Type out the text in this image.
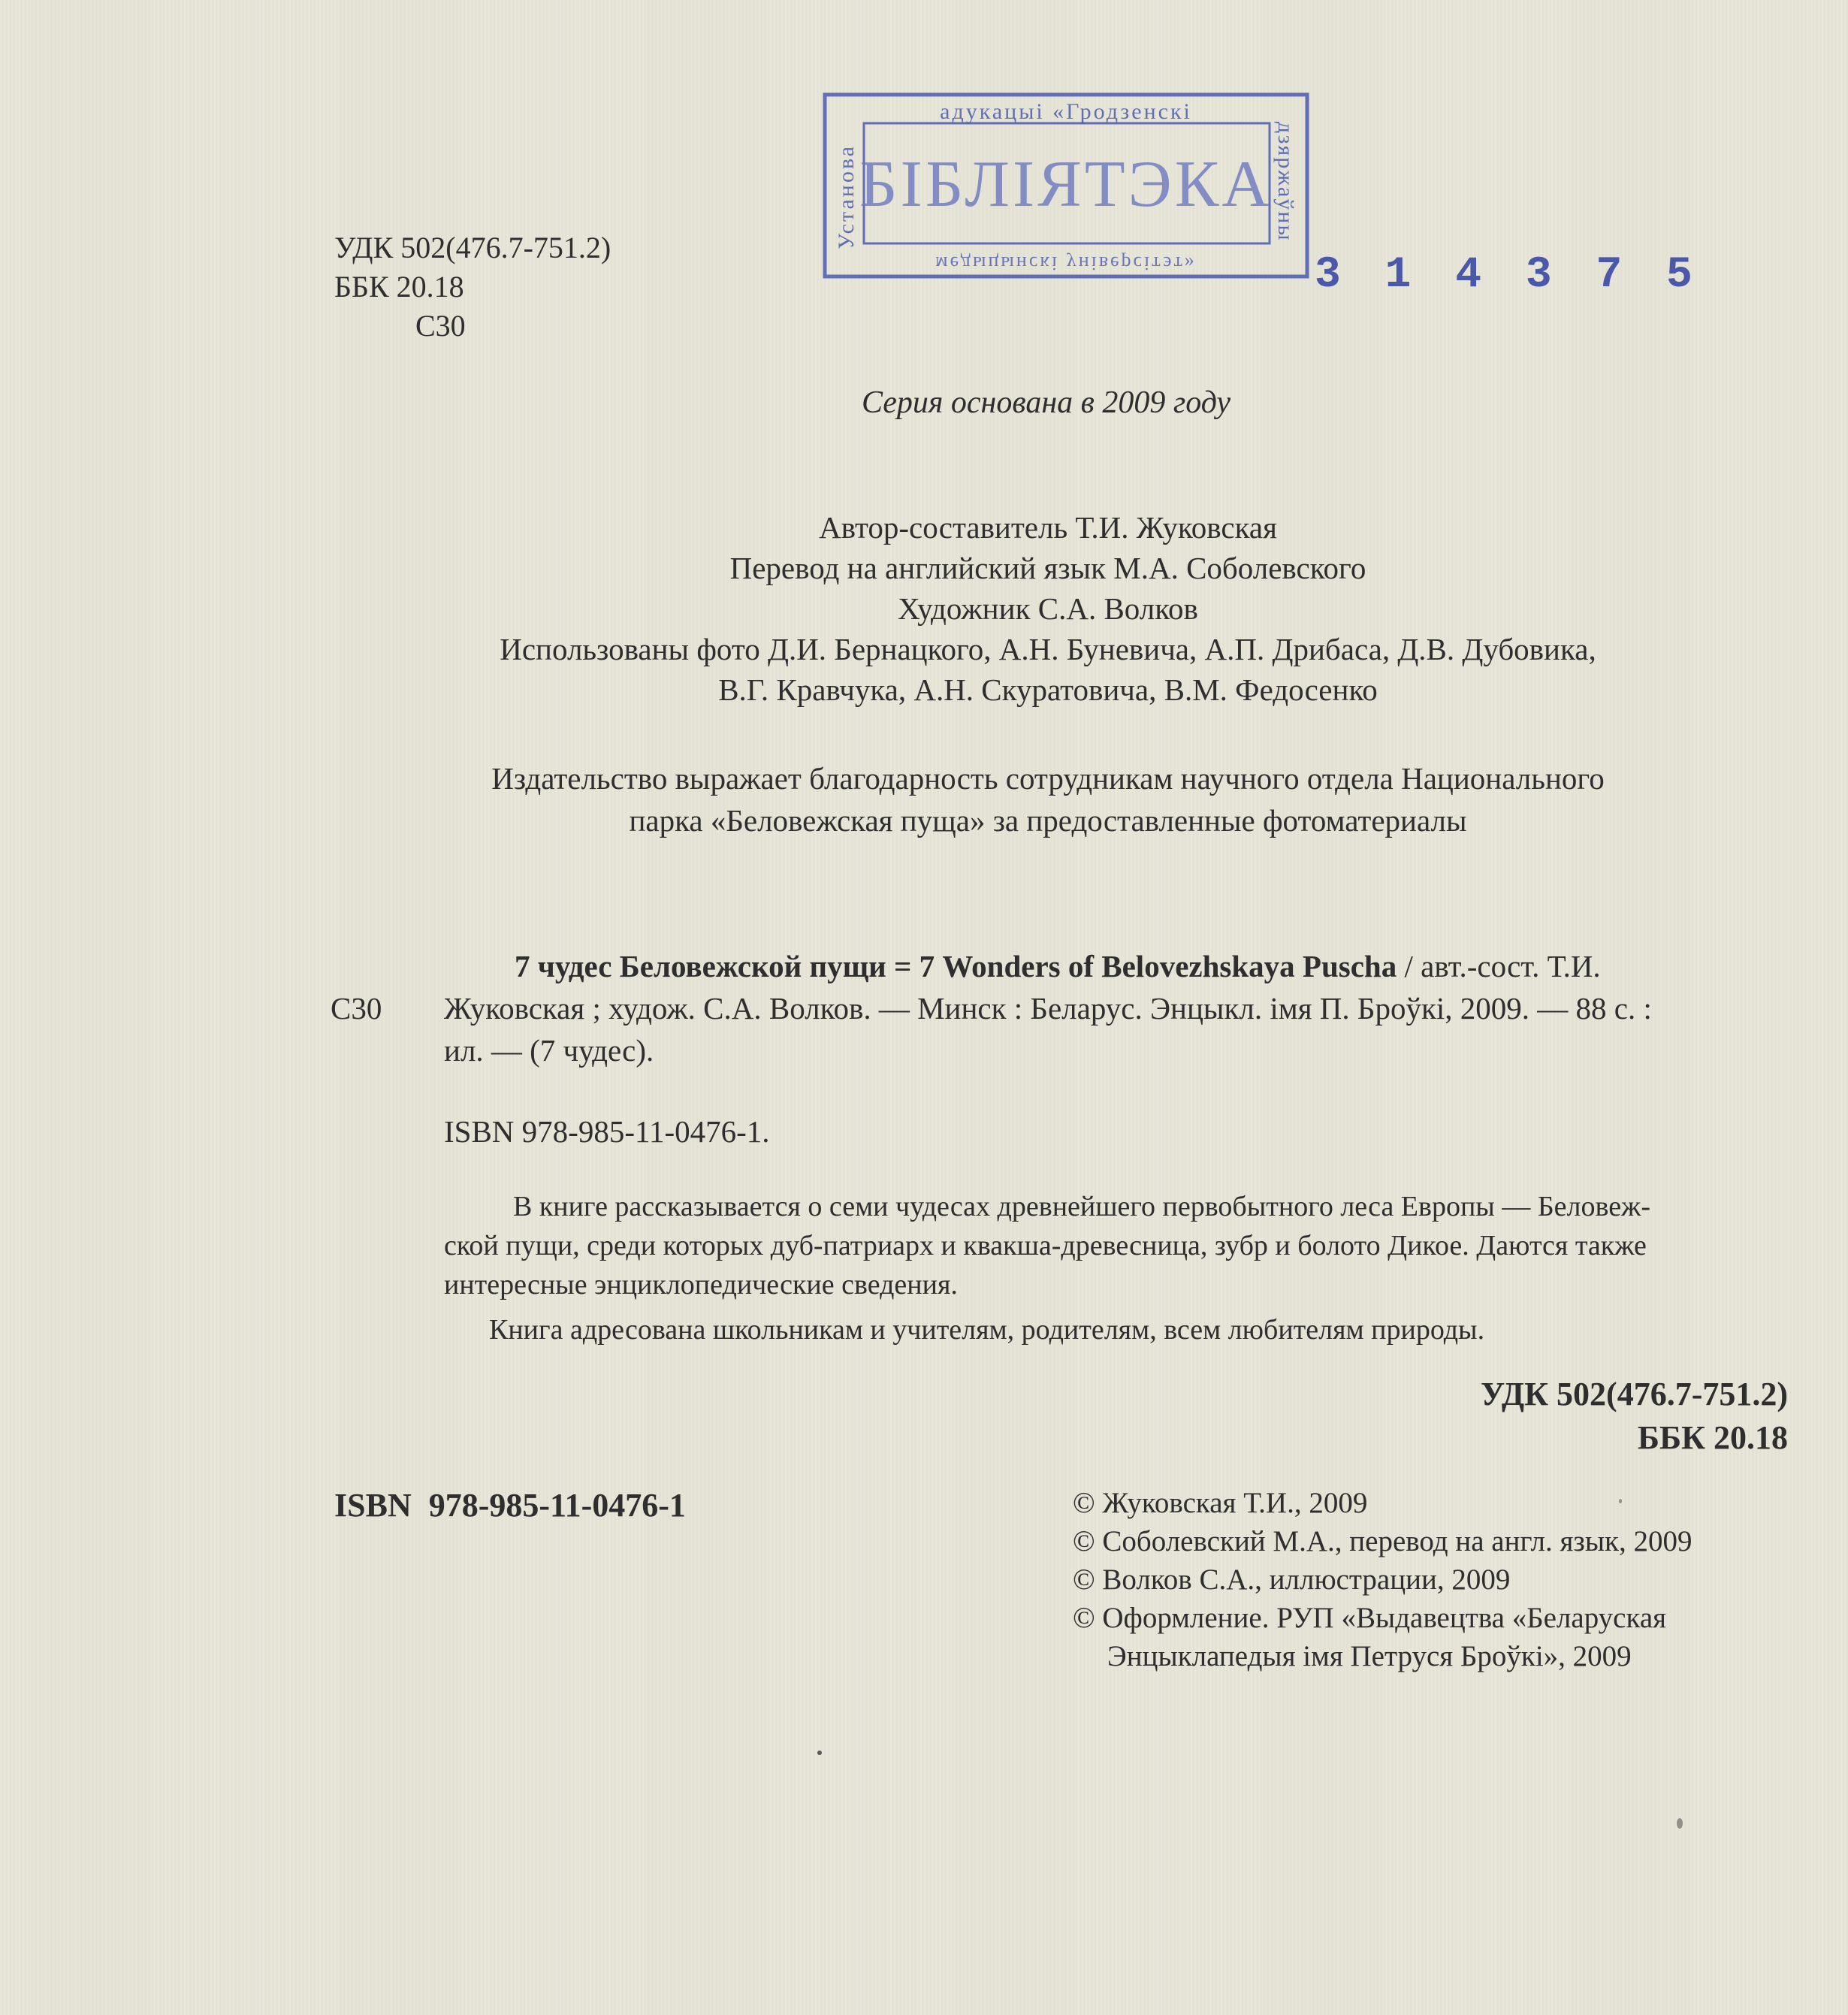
УДК 502(476.7-751.2)
ББК 20.18
С30
адукацыі «Гродзенскі
БІБЛІЯТЭКА
Установа
дзяржаўны
медыцынскі універсітэт»	3 1 4 3 7 5
Серия основана в 2009 году
Автор-составитель Т.И. Жуковская
Перевод на английский язык М.А. Соболевского
Художник С.А. Волков
Использованы фото Д.И. Бернацкого, А.Н. Буневича, А.П. Дрибаса, Д.В. Дубовика,
В.Г. Кравчука, А.Н. Скуратовича, В.М. Федосенко
Издательство выражает благодарность сотрудникам научного отдела Национального
парка «Беловежская пуща» за предоставленные фотоматериалы
С30
7 чудес Беловежской пущи = 7 Wonders of Belovezhskaya Puscha / авт.-сост. Т.И.
Жуковская ; худож. С.А. Волков. — Минск : Беларус. Энцыкл. імя П. Броўкі, 2009. — 88 с. :
ил. — (7 чудес).
ISBN 978-985-11-0476-1.
В книге рассказывается о семи чудесах древнейшего первобытного леса Европы — Беловеж-
ской пущи, среди которых дуб-патриарх и квакша-древесница, зубр и болото Дикое. Даются также
интересные энциклопедические сведения.
Книга адресована школьникам и учителям, родителям, всем любителям природы.
УДК 502(476.7-751.2)
ББК 20.18
ISBN 978-985-11-0476-1	© Жуковская Т.И., 2009
© Соболевский М.А., перевод на англ. язык, 2009
© Волков С.А., иллюстрации, 2009
© Оформление. РУП «Выдавецтва «Беларуская
Энцыклапедыя імя Петруся Броўкі», 2009
